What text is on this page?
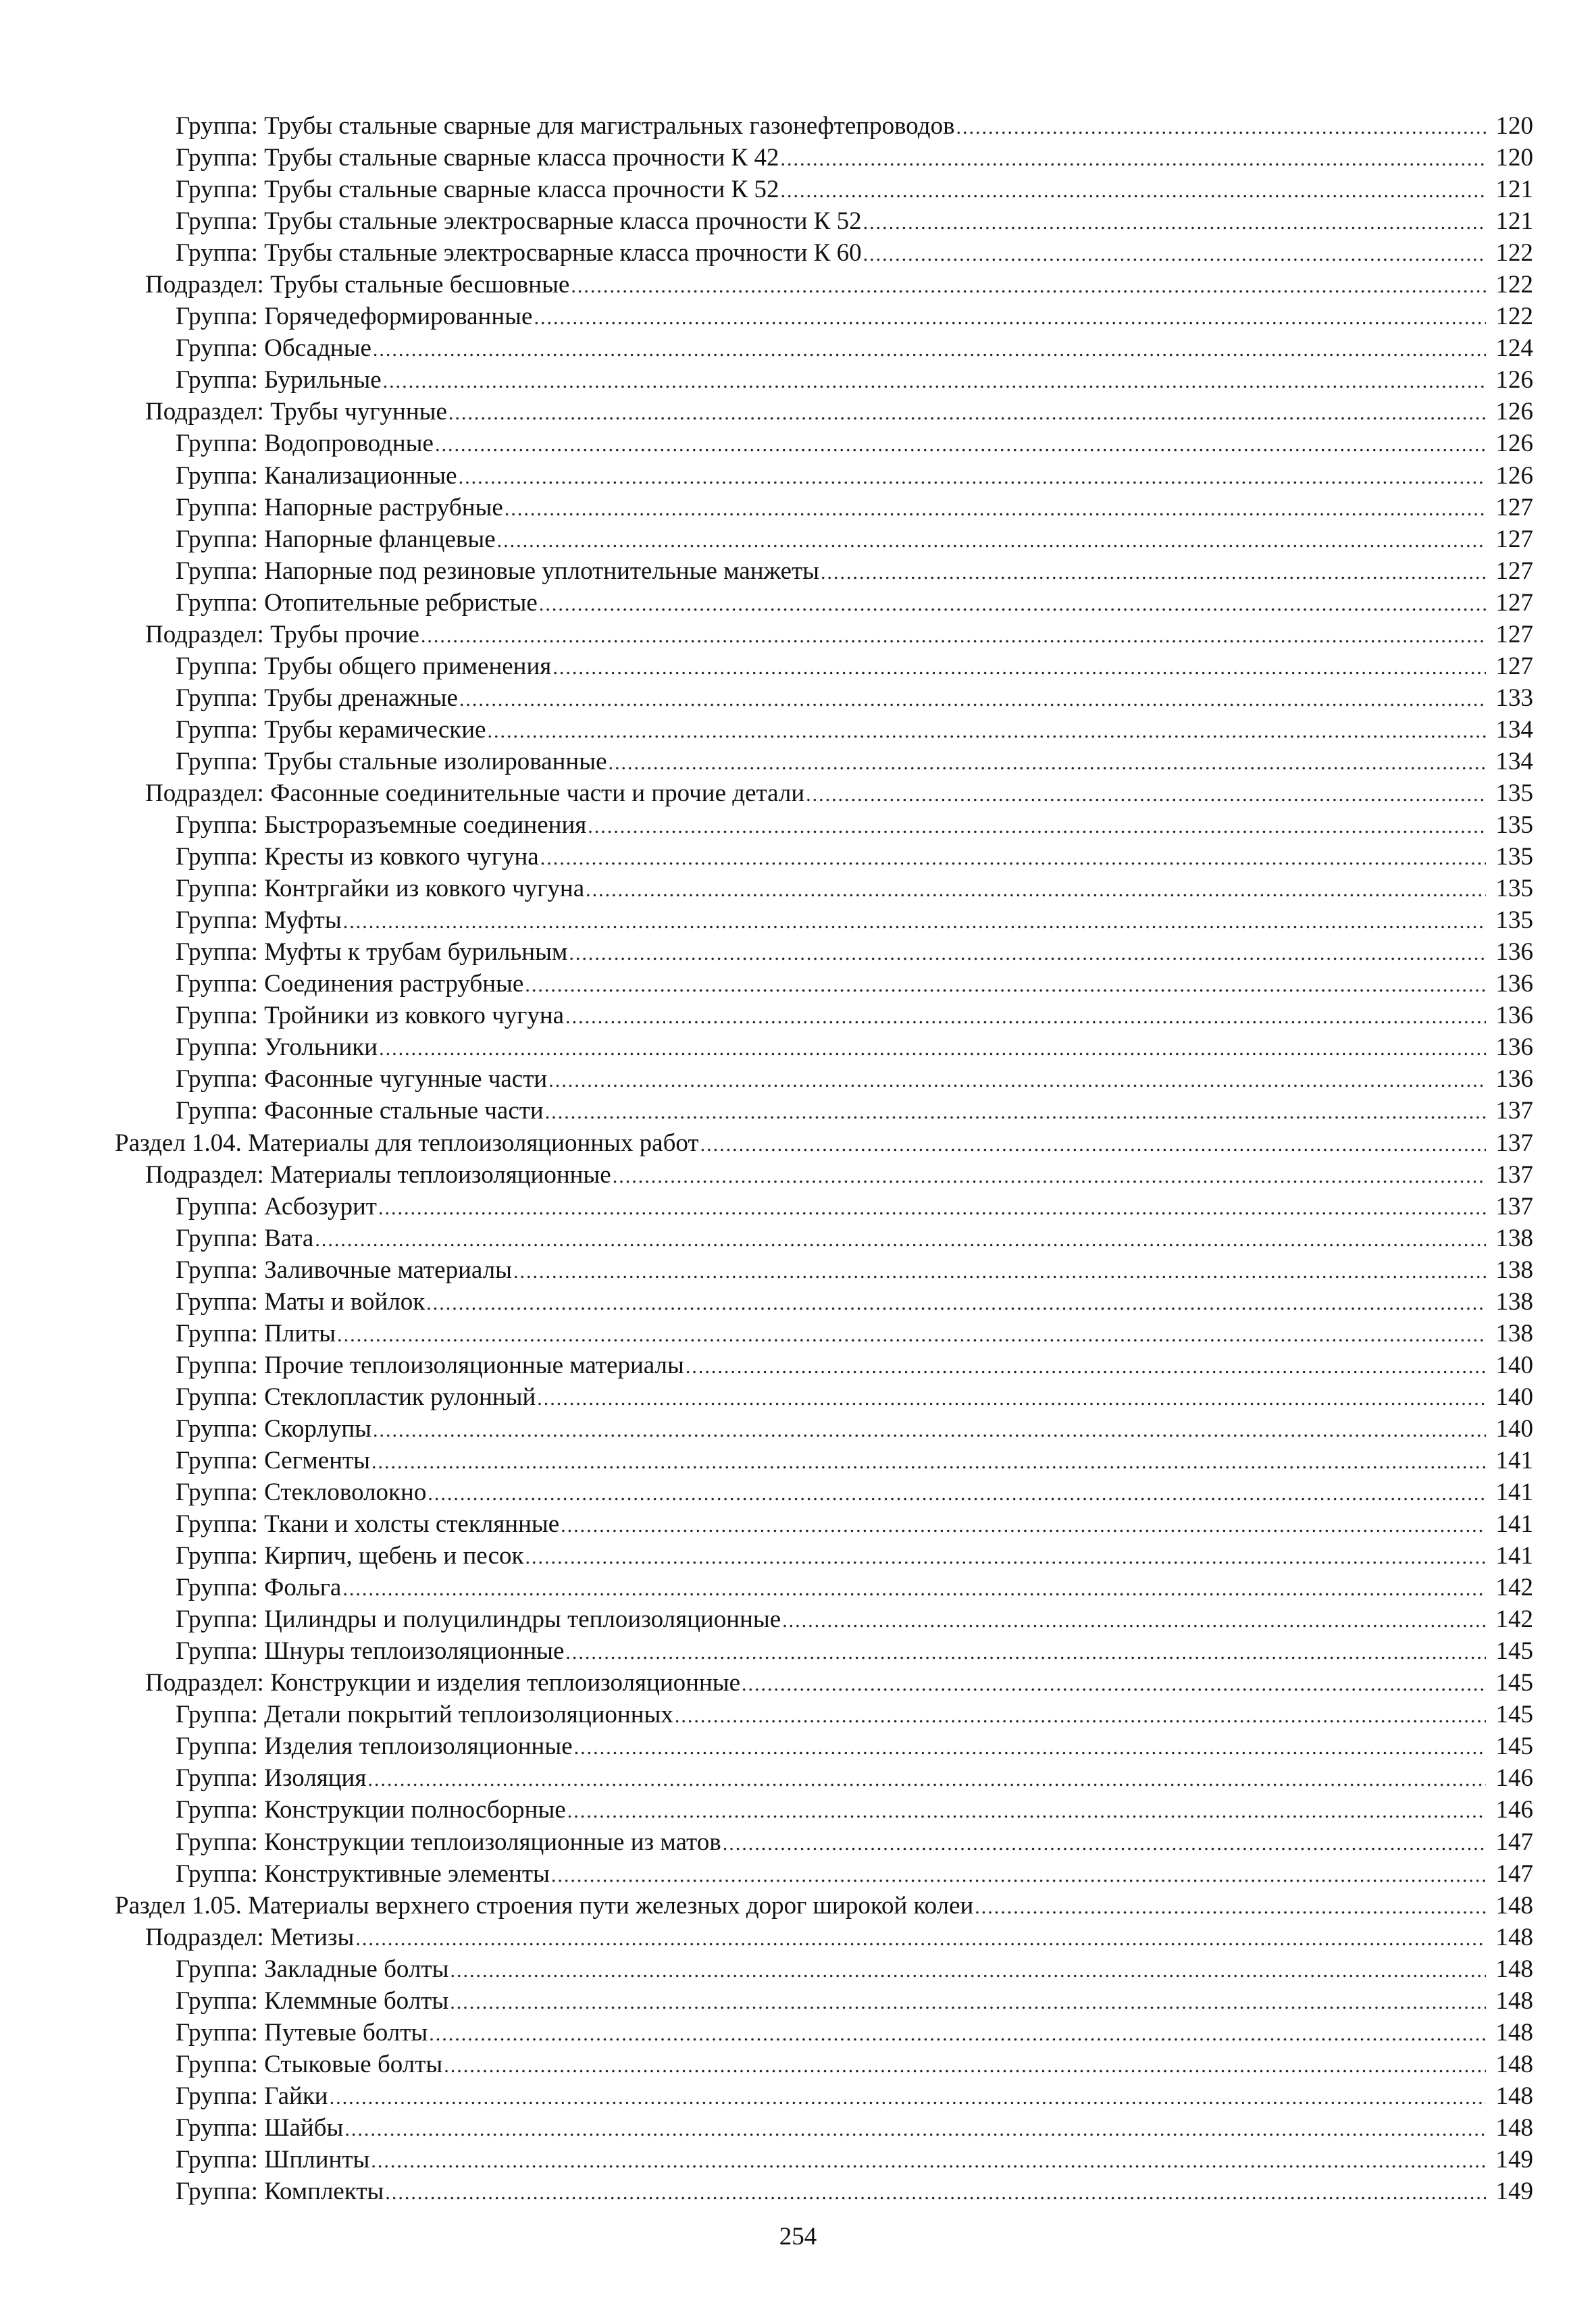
Группа: Трубы стальные сварные для магистральных газонефтепроводов .....	120
Группа: Трубы стальные сварные класса прочности К 42 .....	120
Группа: Трубы стальные сварные класса прочности К 52 .....	121
Группа: Трубы стальные электросварные класса прочности К 52 .....	121
Группа: Трубы стальные электросварные класса прочности К 60 .....	122
Подраздел: Трубы стальные бесшовные .....	122
Группа: Горячедеформированные .....	122
Группа: Обсадные .....	124
Группа: Бурильные .....	126
Подраздел: Трубы чугунные .....	126
Группа: Водопроводные .....	126
Группа: Канализационные .....	126
Группа: Напорные раструбные .....	127
Группа: Напорные фланцевые .....	127
Группа: Напорные под резиновые уплотнительные манжеты .....	127
Группа: Отопительные ребристые .....	127
Подраздел: Трубы прочие .....	127
Группа: Трубы общего применения .....	127
Группа: Трубы дренажные .....	133
Группа: Трубы керамические .....	134
Группа: Трубы стальные изолированные .....	134
Подраздел: Фасонные соединительные части и прочие детали .....	135
Группа: Быстроразъемные соединения .....	135
Группа: Кресты из ковкого чугуна .....	135
Группа: Контргайки из ковкого чугуна .....	135
Группа: Муфты .....	135
Группа: Муфты к трубам бурильным .....	136
Группа: Соединения раструбные .....	136
Группа: Тройники из ковкого чугуна .....	136
Группа: Угольники .....	136
Группа: Фасонные чугунные части .....	136
Группа: Фасонные стальные части .....	137
Раздел 1.04. Материалы для теплоизоляционных работ .....	137
Подраздел: Материалы теплоизоляционные .....	137
Группа: Асбозурит .....	137
Группа: Вата .....	138
Группа: Заливочные материалы .....	138
Группа: Маты и войлок .....	138
Группа: Плиты .....	138
Группа: Прочие теплоизоляционные материалы .....	140
Группа: Стеклопластик рулонный .....	140
Группа: Скорлупы .....	140
Группа: Сегменты .....	141
Группа: Стекловолокно .....	141
Группа: Ткани и холсты стеклянные .....	141
Группа: Кирпич, щебень и песок .....	141
Группа: Фольга .....	142
Группа: Цилиндры и полуцилиндры теплоизоляционные .....	142
Группа: Шнуры теплоизоляционные .....	145
Подраздел: Конструкции и изделия теплоизоляционные .....	145
Группа: Детали покрытий теплоизоляционных .....	145
Группа: Изделия теплоизоляционные .....	145
Группа: Изоляция .....	146
Группа: Конструкции полносборные .....	146
Группа: Конструкции теплоизоляционные из матов .....	147
Группа: Конструктивные элементы .....	147
Раздел 1.05. Материалы верхнего строения пути железных дорог широкой колеи .....	148
Подраздел: Метизы .....	148
Группа: Закладные болты .....	148
Группа: Клеммные болты .....	148
Группа: Путевые болты .....	148
Группа: Стыковые болты .....	148
Группа: Гайки .....	148
Группа: Шайбы .....	148
Группа: Шплинты .....	149
Группа: Комплекты .....	149
254
